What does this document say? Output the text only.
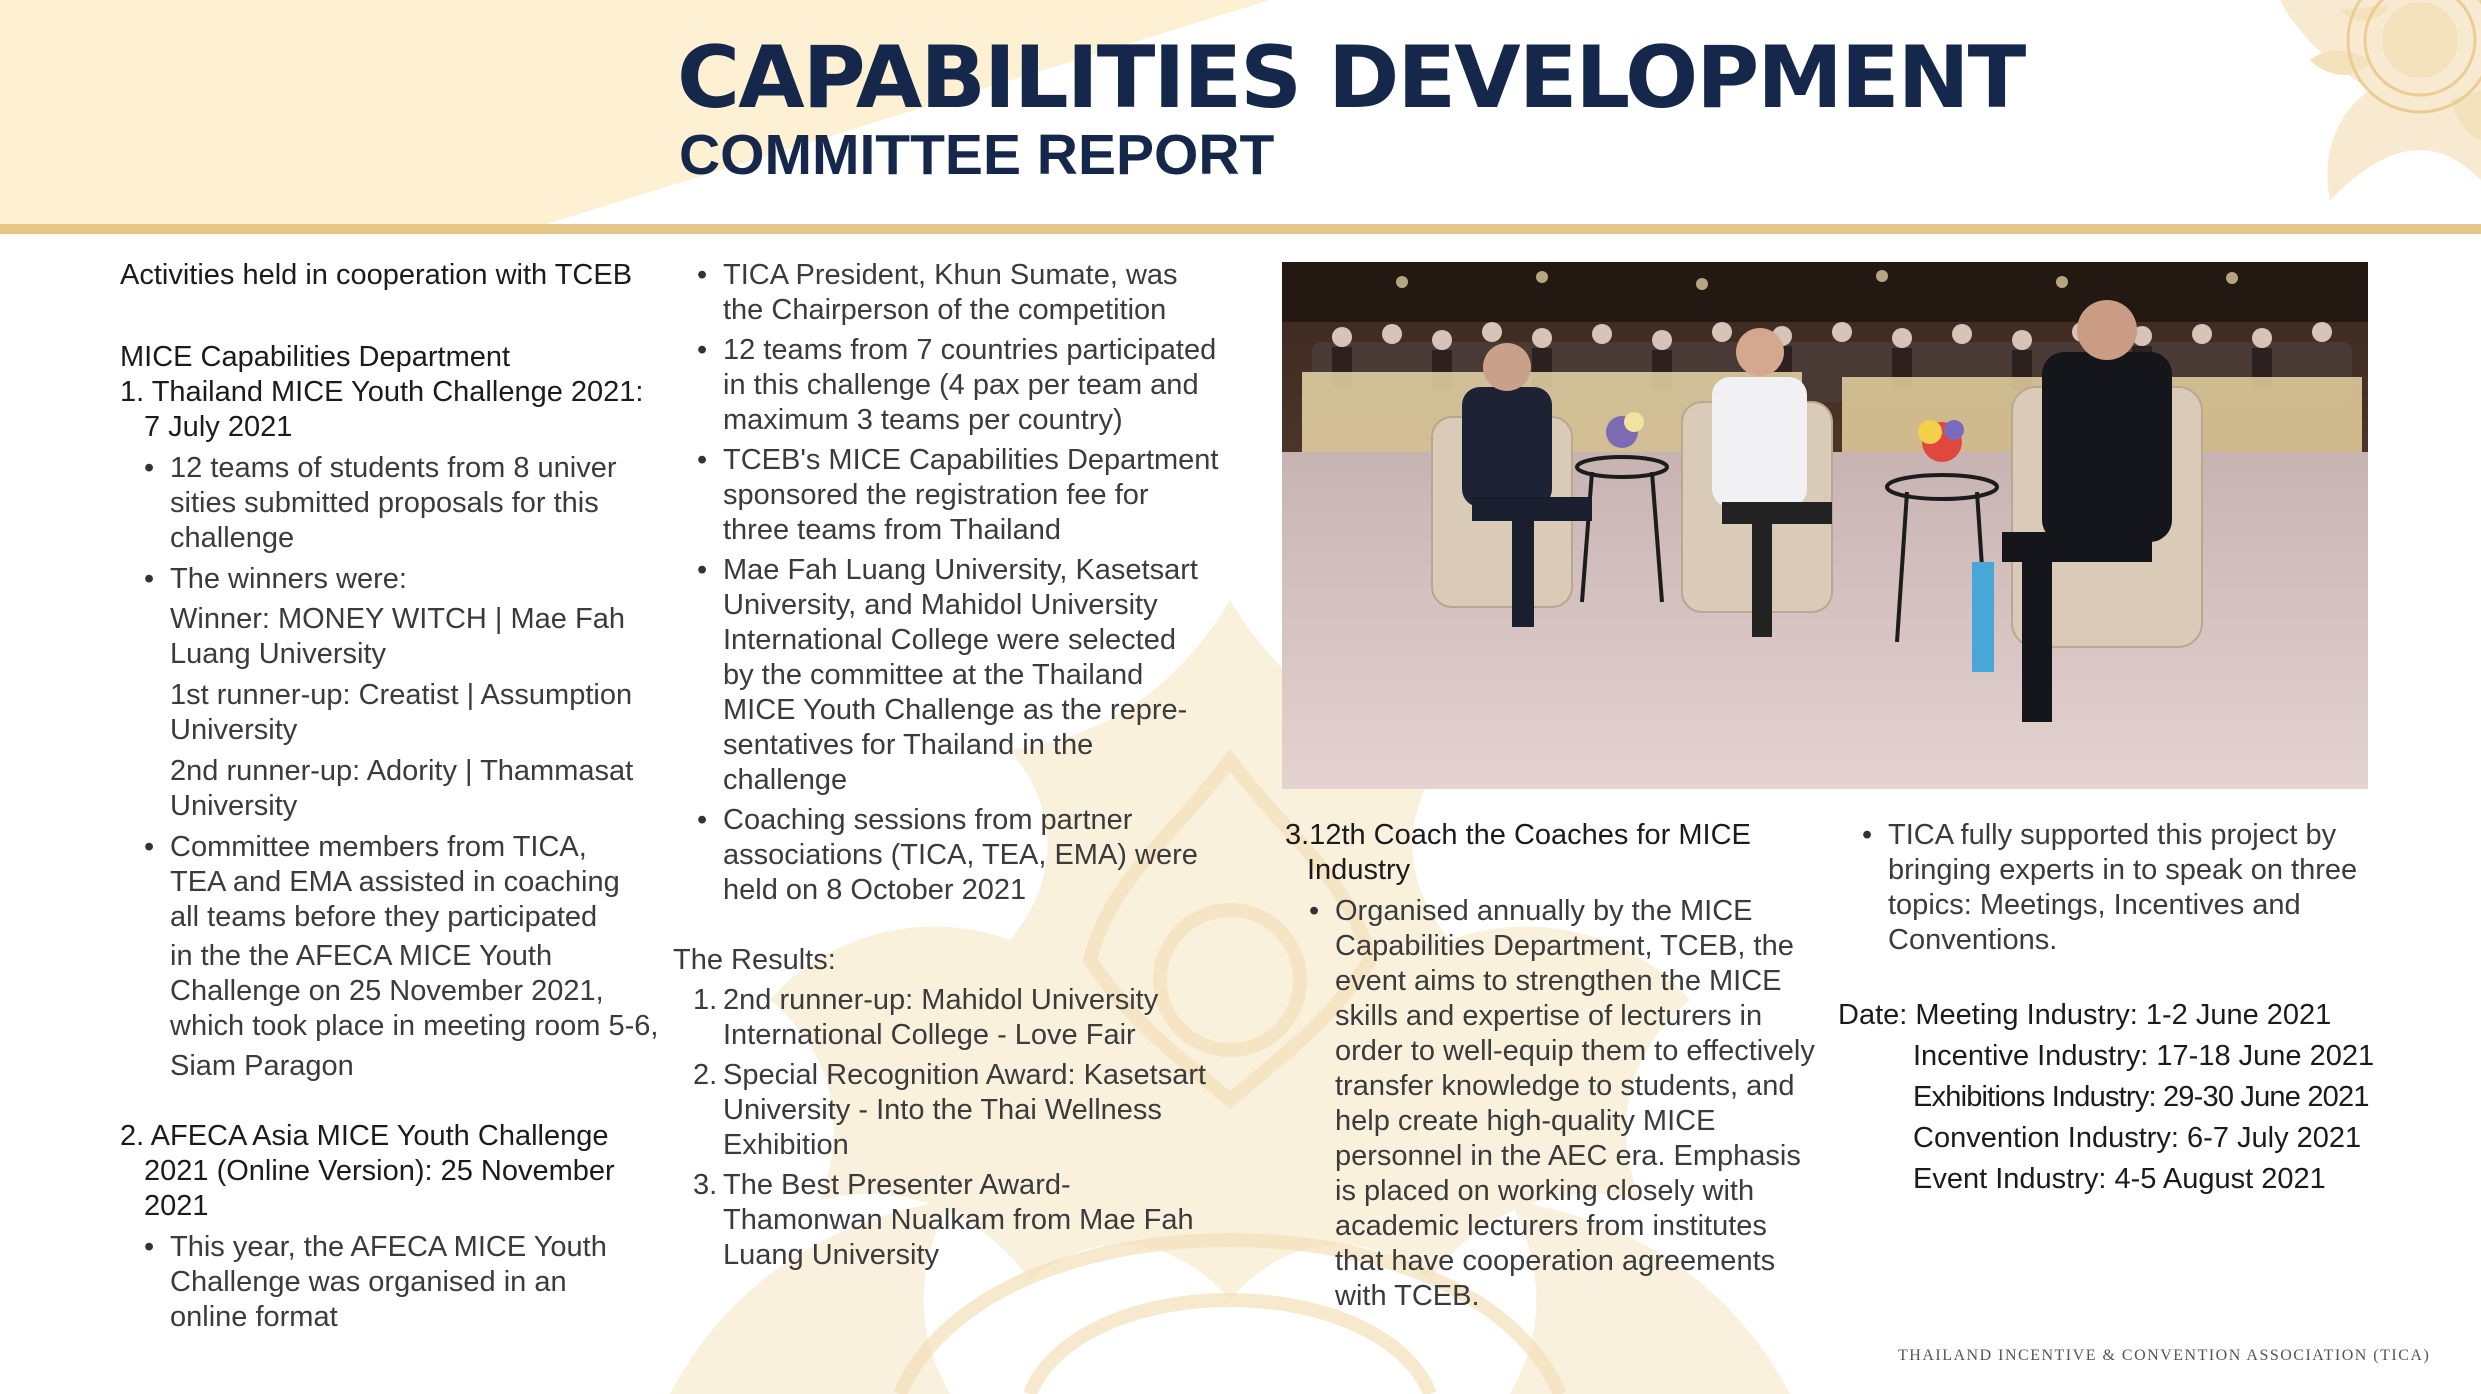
CAPABILITIES DEVELOPMENT
COMMITTEE REPORT

Activities held in cooperation with TCEB

MICE Capabilities Department

1. Thailand MICE Youth Challenge 2021:

7 July 2021

• 12 teams of students from 8 univer

sities submitted proposals for this

challenge

• The winners were:

Winner: MONEY WITCH | Mae Fah

Luang University

1st runner-up: Creatist | Assumption

University

2nd runner-up: Adority | Thammasat

University

• Committee members from TICA,

TEA and EMA assisted in coaching

all teams before they participated

in the the AFECA MICE Youth

Challenge on 25 November 2021,

which took place in meeting room 5-6,

Siam Paragon

2. AFECA Asia MICE Youth Challenge

2021 (Online Version): 25 November

2021

• This year, the AFECA MICE Youth

Challenge was organised in an

online format

• TICA President, Khun Sumate, was

the Chairperson of the competition

• 12 teams from 7 countries participated

in this challenge (4 pax per team and

maximum 3 teams per country)

• TCEB's MICE Capabilities Department

sponsored the registration fee for

three teams from Thailand

• Mae Fah Luang University, Kasetsart

University, and Mahidol University

International College were selected

by the committee at the Thailand

MICE Youth Challenge as the repre-

sentatives for Thailand in the

challenge

• Coaching sessions from partner

associations (TICA, TEA, EMA) were

held on 8 October 2021

The Results:

1. 2nd runner-up: Mahidol University

International College - Love Fair

2. Special Recognition Award: Kasetsart

University - Into the Thai Wellness

Exhibition

3. The Best Presenter Award-

Thamonwan Nualkam from Mae Fah

Luang University

3.12th Coach the Coaches for MICE

Industry

• Organised annually by the MICE

Capabilities Department, TCEB, the

event aims to strengthen the MICE

skills and expertise of lecturers in

order to well-equip them to effectively

transfer knowledge to students, and

help create high-quality MICE

personnel in the AEC era. Emphasis

is placed on working closely with

academic lecturers from institutes

that have cooperation agreements

with TCEB.

• TICA fully supported this project by

bringing experts in to speak on three

topics: Meetings, Incentives and

Conventions.

Date: Meeting Industry: 1-2 June 2021

Incentive Industry: 17-18 June 2021

Exhibitions Industry: 29-30 June 2021

Convention Industry: 6-7 July 2021

Event Industry: 4-5 August 2021

THAILAND INCENTIVE & CONVENTION ASSOCIATION (TICA)
